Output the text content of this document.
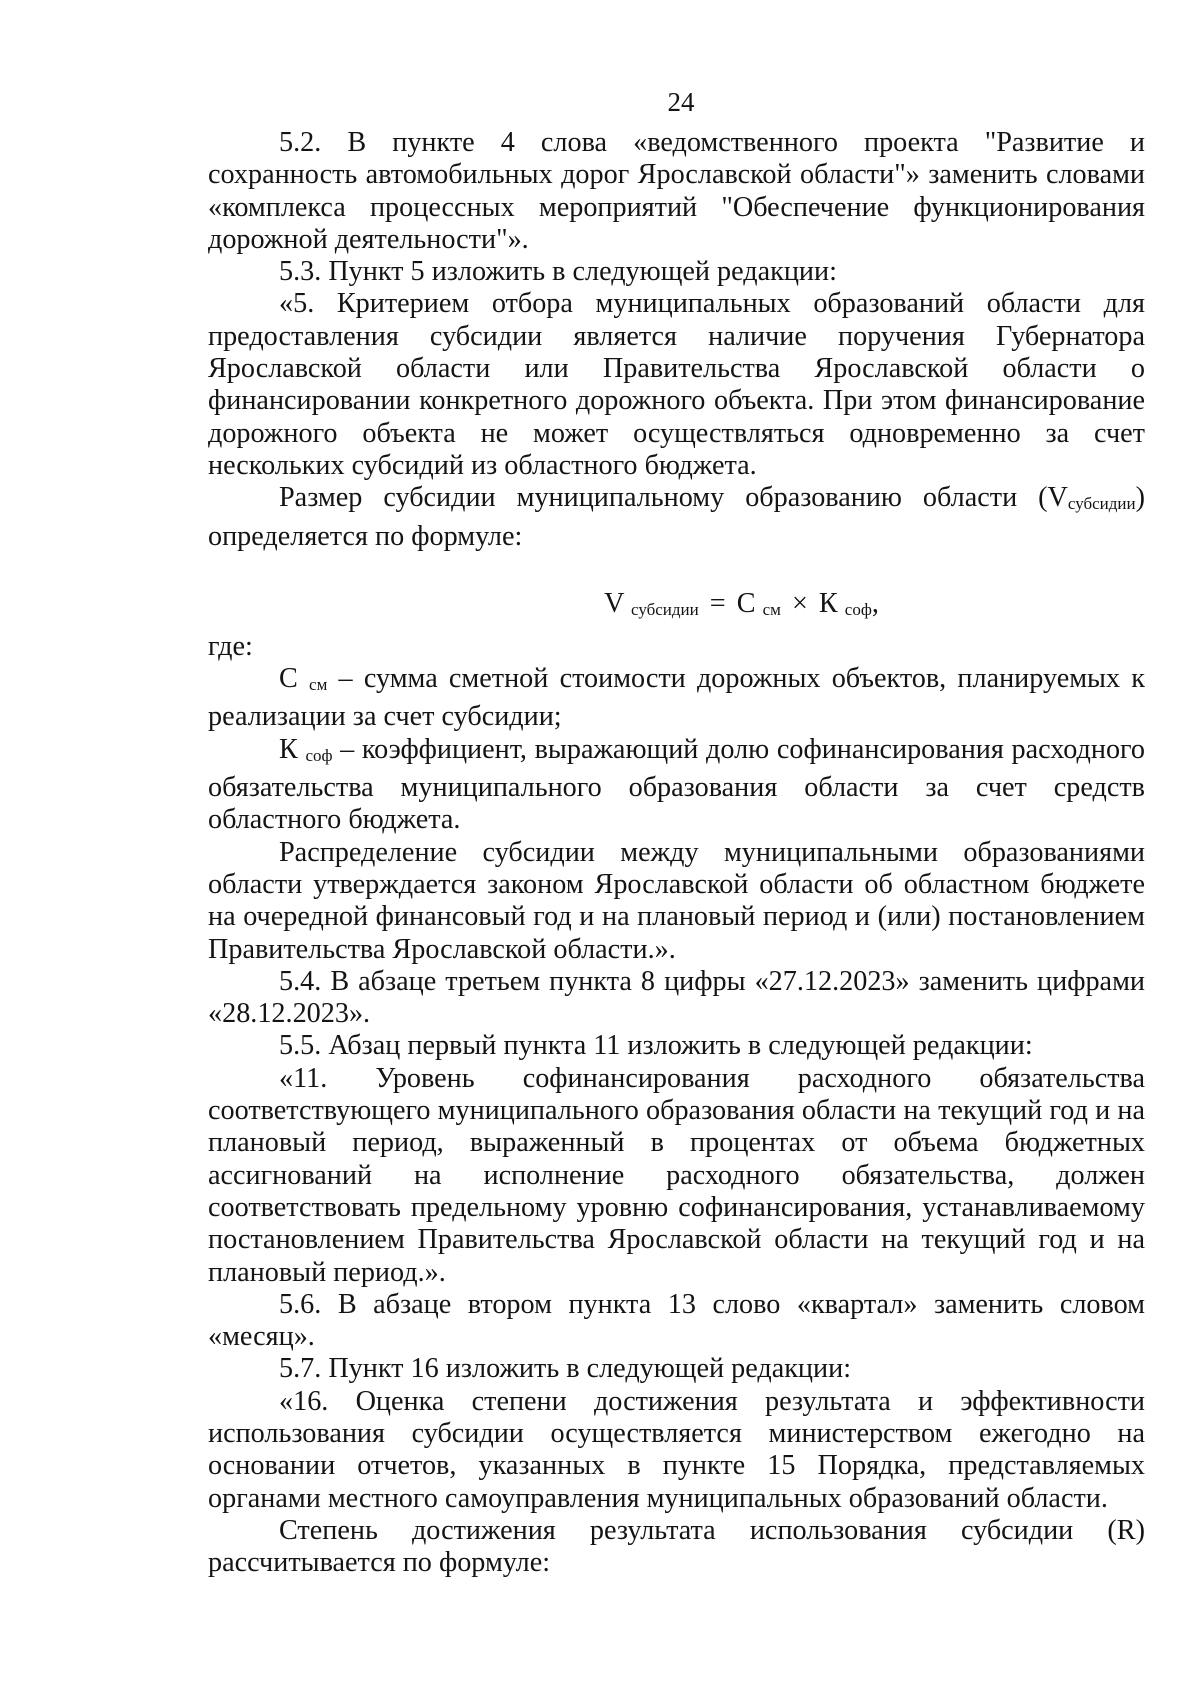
24

5.2. В пункте 4 слова «ведомственного проекта "Развитие и сохранность автомобильных дорог Ярославской области"» заменить словами «комплекса процессных мероприятий "Обеспечение функционирования дорожной деятельности"».

5.3. Пункт 5 изложить в следующей редакции:

«5. Критерием отбора муниципальных образований области для предоставления субсидии является наличие поручения Губернатора Ярославской области или Правительства Ярославской области о финансировании конкретного дорожного объекта. При этом финансирование дорожного объекта не может осуществляться одновременно за счет нескольких субсидий из областного бюджета.

Размер субсидии муниципальному образованию области (Vсубсидии) определяется по формуле:

V субсидии = С см × К соф,

где:

С см – сумма сметной стоимости дорожных объектов, планируемых к реализации за счет субсидии;

К соф – коэффициент, выражающий долю софинансирования расходного обязательства муниципального образования области за счет средств областного бюджета.

Распределение субсидии между муниципальными образованиями области утверждается законом Ярославской области об областном бюджете на очередной финансовый год и на плановый период и (или) постановлением Правительства Ярославской области.».

5.4. В абзаце третьем пункта 8 цифры «27.12.2023» заменить цифрами «28.12.2023».

5.5. Абзац первый пункта 11 изложить в следующей редакции:

«11. Уровень софинансирования расходного обязательства соответствующего муниципального образования области на текущий год и на плановый период, выраженный в процентах от объема бюджетных ассигнований на исполнение расходного обязательства, должен соответствовать предельному уровню софинансирования, устанавливаемому постановлением Правительства Ярославской области на текущий год и на плановый период.».

5.6. В абзаце втором пункта 13 слово «квартал» заменить словом «месяц».

5.7. Пункт 16 изложить в следующей редакции:

«16. Оценка степени достижения результата и эффективности использования субсидии осуществляется министерством ежегодно на основании отчетов, указанных в пункте 15 Порядка, представляемых органами местного самоуправления муниципальных образований области.

Степень достижения результата использования субсидии (R) рассчитывается по формуле:
